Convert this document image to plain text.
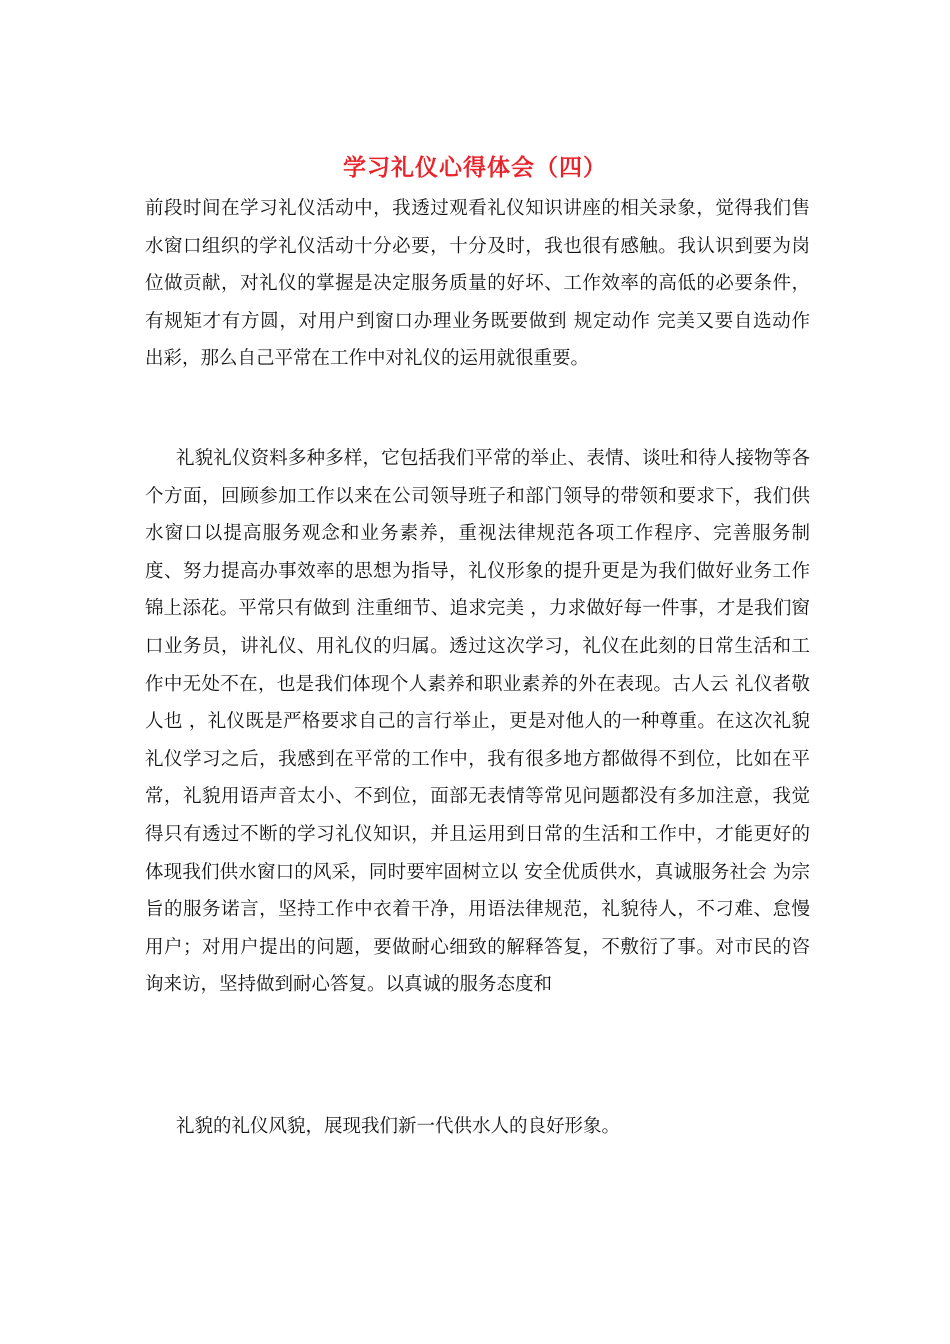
学习礼仪心得体会（四）

前段时间在学习礼仪活动中，我透过观看礼仪知识讲座的相关录象，觉得我们售水窗口组织的学礼仪活动十分必要，十分及时，我也很有感触。我认识到要为岗位做贡献，对礼仪的掌握是决定服务质量的好坏、工作效率的高低的必要条件，有规矩才有方圆，对用户到窗口办理业务既要做到 规定动作 完美又要自选动作 出彩，那么自己平常在工作中对礼仪的运用就很重要。

礼貌礼仪资料多种多样，它包括我们平常的举止、表情、谈吐和待人接物等各个方面，回顾参加工作以来在公司领导班子和部门领导的带领和要求下，我们供水窗口以提高服务观念和业务素养，重视法律规范各项工作程序、完善服务制度、努力提高办事效率的思想为指导，礼仪形象的提升更是为我们做好业务工作锦上添花。平常只有做到 注重细节、追求完美 ，力求做好每一件事，才是我们窗口业务员，讲礼仪、用礼仪的归属。透过这次学习，礼仪在此刻的日常生活和工作中无处不在，也是我们体现个人素养和职业素养的外在表现。古人云 礼仪者敬人也 ，礼仪既是严格要求自己的言行举止，更是对他人的一种尊重。在这次礼貌礼仪学习之后，我感到在平常的工作中，我有很多地方都做得不到位，比如在平常，礼貌用语声音太小、不到位，面部无表情等常见问题都没有多加注意，我觉得只有透过不断的学习礼仪知识，并且运用到日常的生活和工作中，才能更好的体现我们供水窗口的风采，同时要牢固树立以 安全优质供水，真诚服务社会 为宗旨的服务诺言，坚持工作中衣着干净，用语法律规范，礼貌待人，不刁难、怠慢用户；对用户提出的问题，要做耐心细致的解释答复，不敷衍了事。对市民的咨询来访，坚持做到耐心答复。以真诚的服务态度和

礼貌的礼仪风貌，展现我们新一代供水人的良好形象。
